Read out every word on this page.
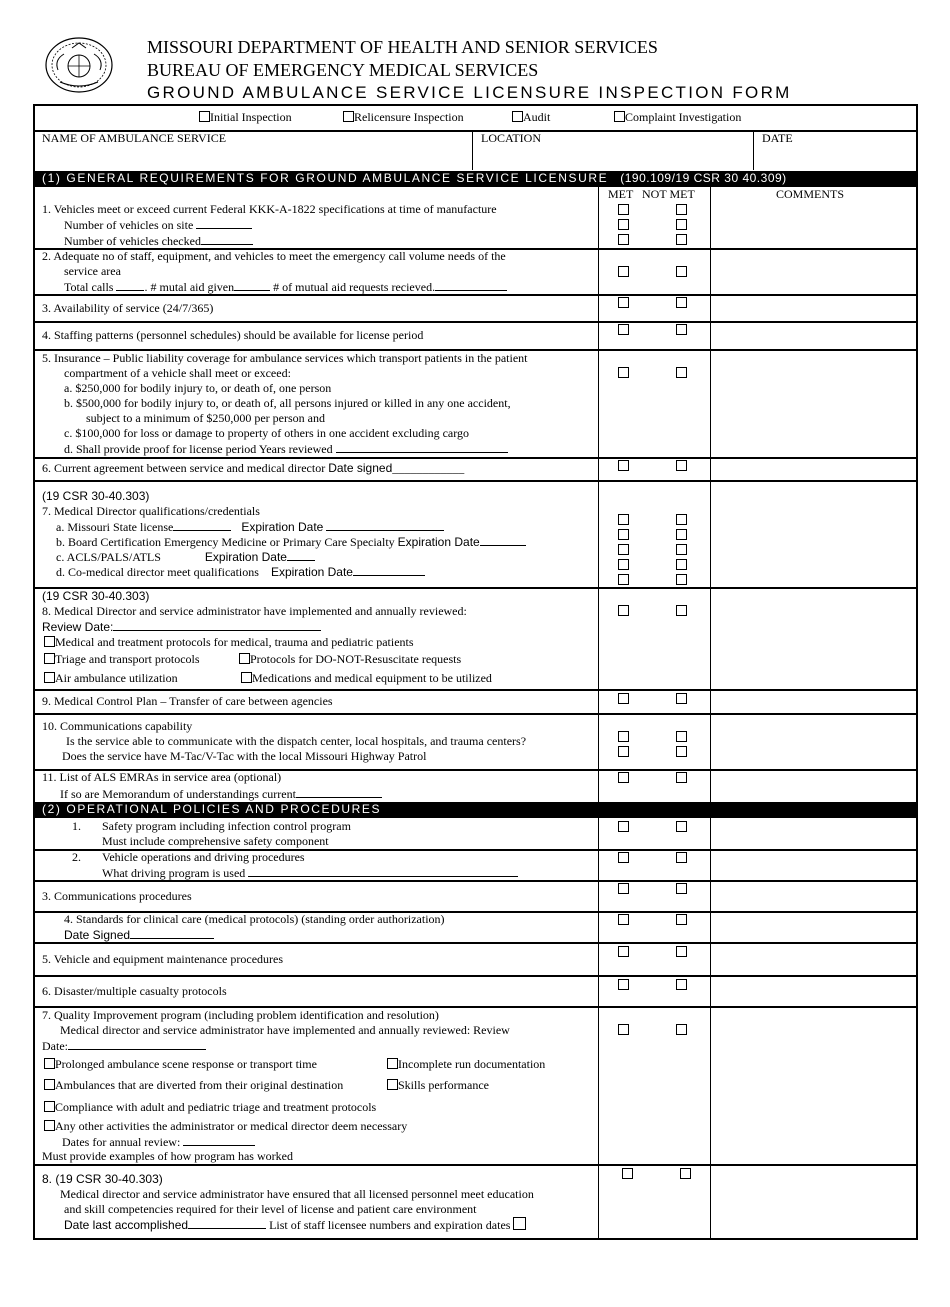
MISSOURI DEPARTMENT OF HEALTH AND SENIOR SERVICES
BUREAU OF EMERGENCY MEDICAL SERVICES
GROUND AMBULANCE SERVICE LICENSURE INSPECTION FORM
Initial Inspection	Relicensure Inspection	Audit	Complaint Investigation
NAME OF AMBULANCE SERVICE	LOCATION	DATE
(1) GENERAL REQUIREMENTS FOR GROUND AMBULANCE SERVICE LICENSURE (190.109/19 CSR 30 40.309)
MET NOT MET	COMMENTS
1. Vehicles meet or exceed current Federal KKK-A-1822 specifications at time of manufacture
Number of vehicles on site
Number of vehicles checked
2. Adequate no of staff, equipment, and vehicles to meet the emergency call volume needs of the
service area
Total calls	. # mutal aid given	# of mutual aid requests recieved.
3. Availability of service (24/7/365)
4. Staffing patterns (personnel schedules) should be available for license period
5. Insurance – Public liability coverage for ambulance services which transport patients in the patient
compartment of a vehicle shall meet or exceed:
a. $250,000 for bodily injury to, or death of, one person
b. $500,000 for bodily injury to, or death of, all persons injured or killed in any one accident,
subject to a minimum of $250,000 per person and
c. $100,000 for loss or damage to property of others in one accident excluding cargo
d. Shall provide proof for license period Years reviewed
6. Current agreement between service and medical director Date signed____________
(19 CSR 30-40.303)
7. Medical Director qualifications/credentials
a. Missouri State license	Expiration Date
b. Board Certification Emergency Medicine or Primary Care Specialty Expiration Date
c. ACLS/PALS/ATLS	Expiration Date
d. Co-medical director meet qualifications Expiration Date
(19 CSR 30-40.303)
8. Medical Director and service administrator have implemented and annually reviewed:
Review Date:
Medical and treatment protocols for medical, trauma and pediatric patients
Triage and transport protocols	Protocols for DO-NOT-Resuscitate requests
Air ambulance utilization	Medications and medical equipment to be utilized
9. Medical Control Plan – Transfer of care between agencies
10. Communications capability
Is the service able to communicate with the dispatch center, local hospitals, and trauma centers?
Does the service have M-Tac/V-Tac with the local Missouri Highway Patrol
11. List of ALS EMRAs in service area (optional)
If so are Memorandum of understandings current
(2) OPERATIONAL POLICIES AND PROCEDURES
1. Safety program including infection control program
Must include comprehensive safety component
2. Vehicle operations and driving procedures
What driving program is used
3. Communications procedures
4. Standards for clinical care (medical protocols) (standing order authorization)
Date Signed
5. Vehicle and equipment maintenance procedures
6. Disaster/multiple casualty protocols
7. Quality Improvement program (including problem identification and resolution)
Medical director and service administrator have implemented and annually reviewed: Review
Date:
Prolonged ambulance scene response or transport time	Incomplete run documentation
Ambulances that are diverted from their original destination	Skills performance
Compliance with adult and pediatric triage and treatment protocols
Any other activities the administrator or medical director deem necessary
Dates for annual review:
Must provide examples of how program has worked
8. (19 CSR 30-40.303)
Medical director and service administrator have ensured that all licensed personnel meet education
and skill competencies required for their level of license and patient care environment
Date last accomplished	List of staff licensee numbers and expiration dates
